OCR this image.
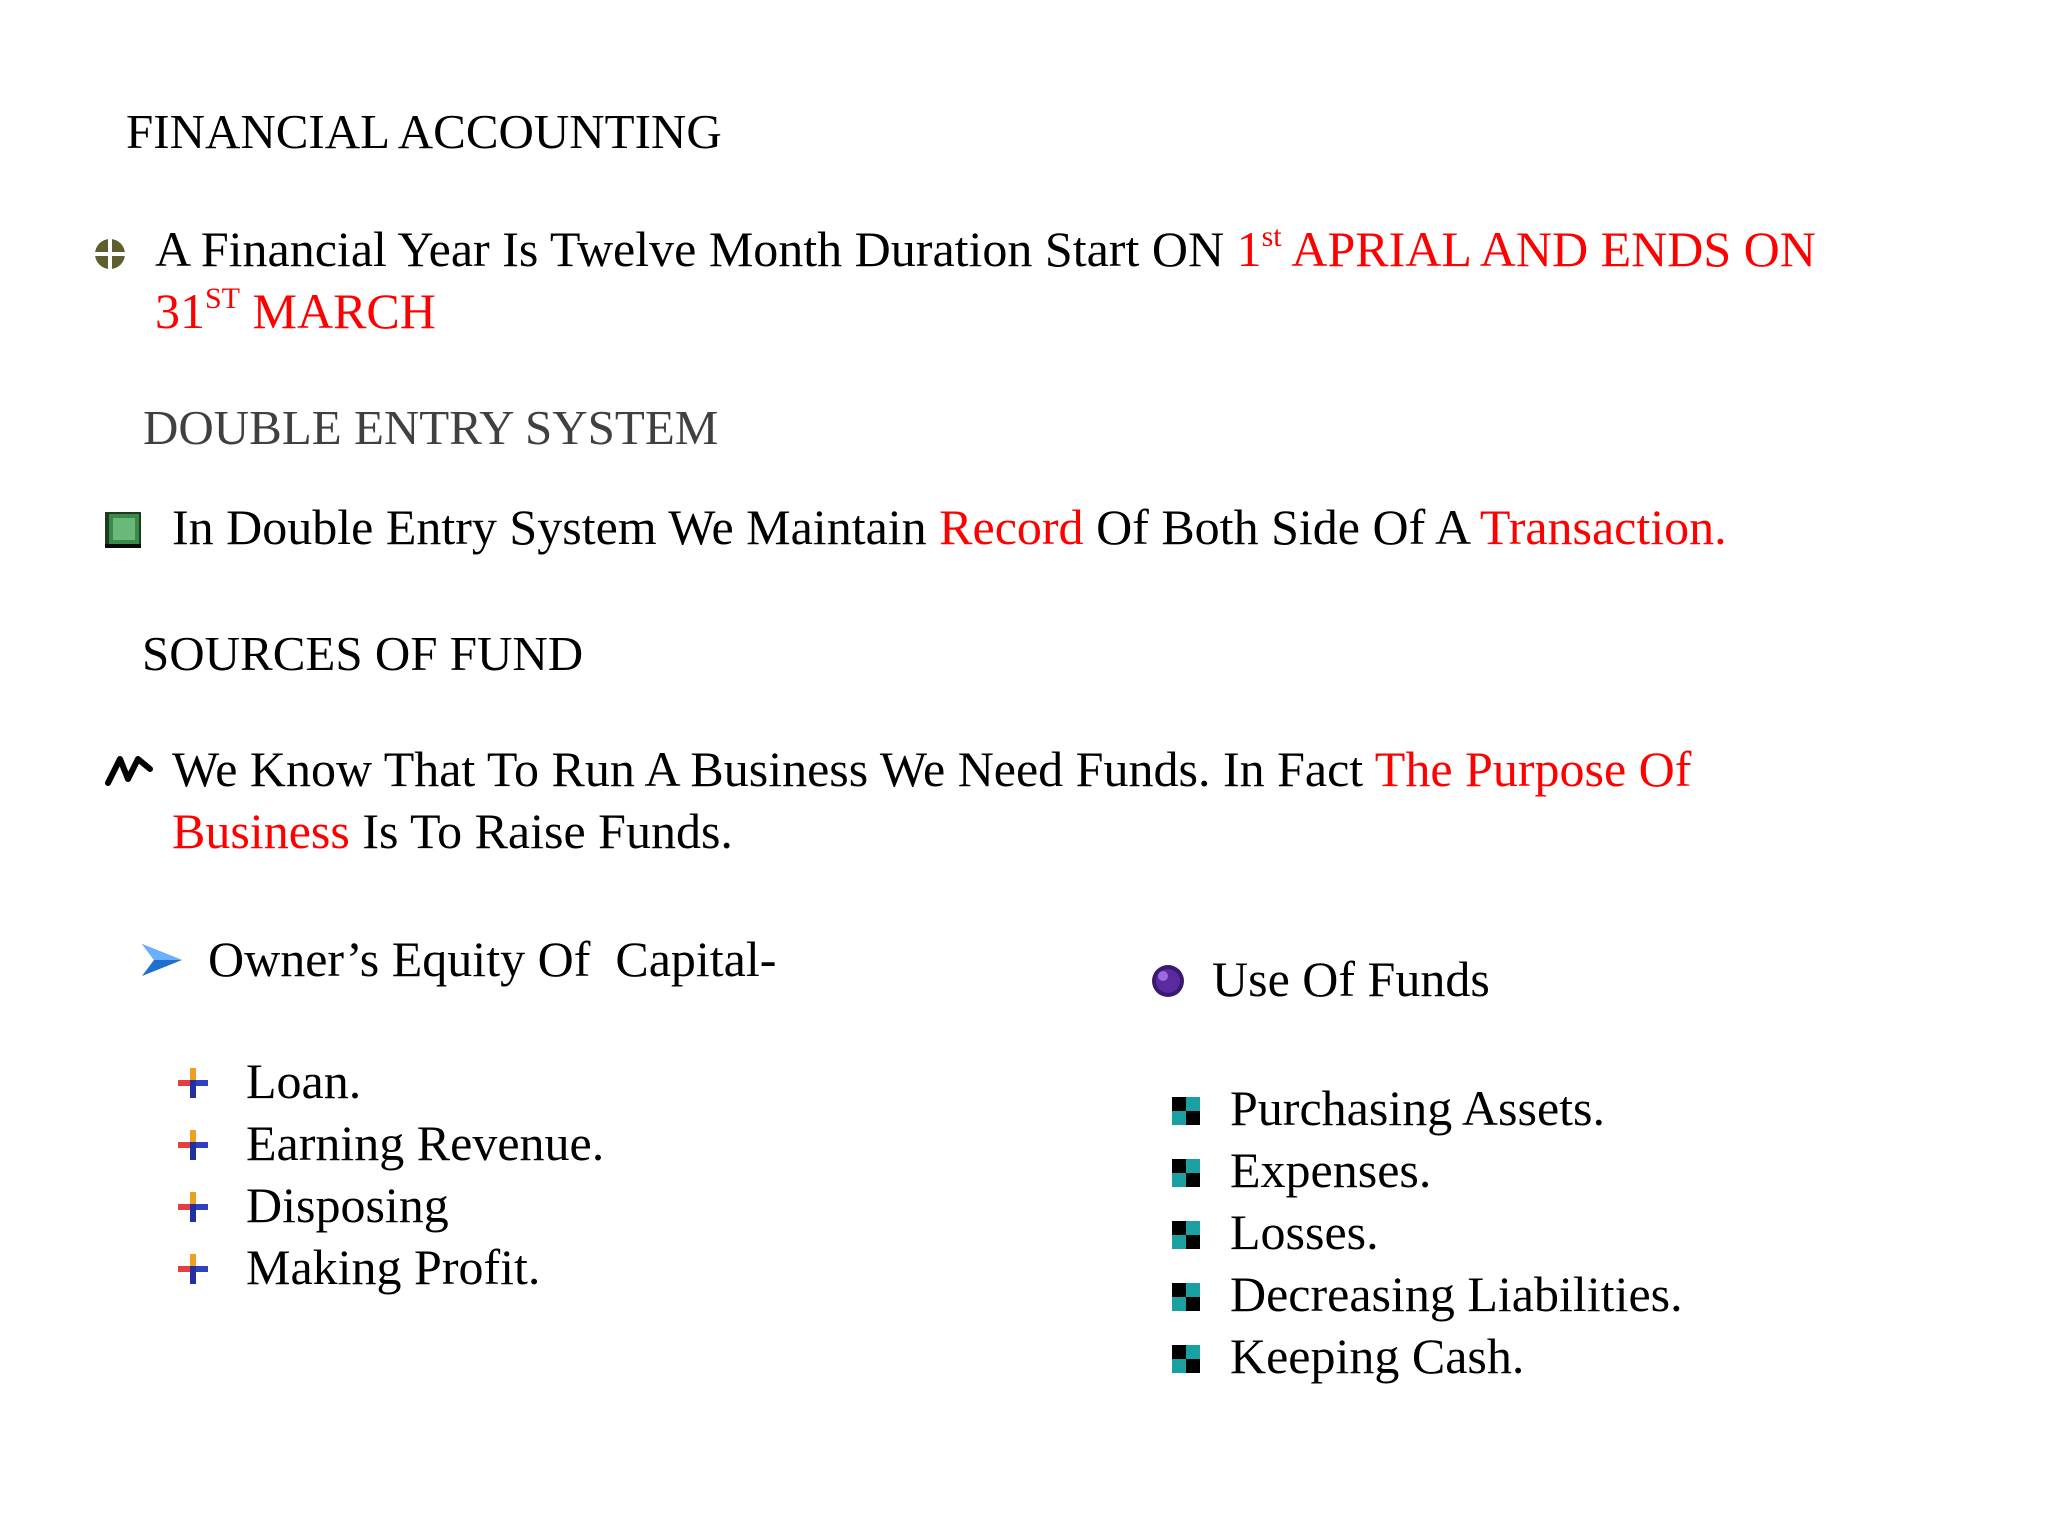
FINANCIAL ACCOUNTING
A Financial Year Is Twelve Month Duration Start ON 1st APRIAL AND ENDS ON
31ST MARCH
DOUBLE ENTRY SYSTEM
In Double Entry System We Maintain Record Of Both Side Of A Transaction.
SOURCES OF FUND
We Know That To Run A Business We Need Funds. In Fact The Purpose Of Business Is To Raise Funds.
Owner’s Equity Of  Capital-
Loan.
Earning Revenue.
Disposing
Making Profit.
Use Of Funds
Purchasing Assets.
Expenses.
Losses.
Decreasing Liabilities.
Keeping Cash.
